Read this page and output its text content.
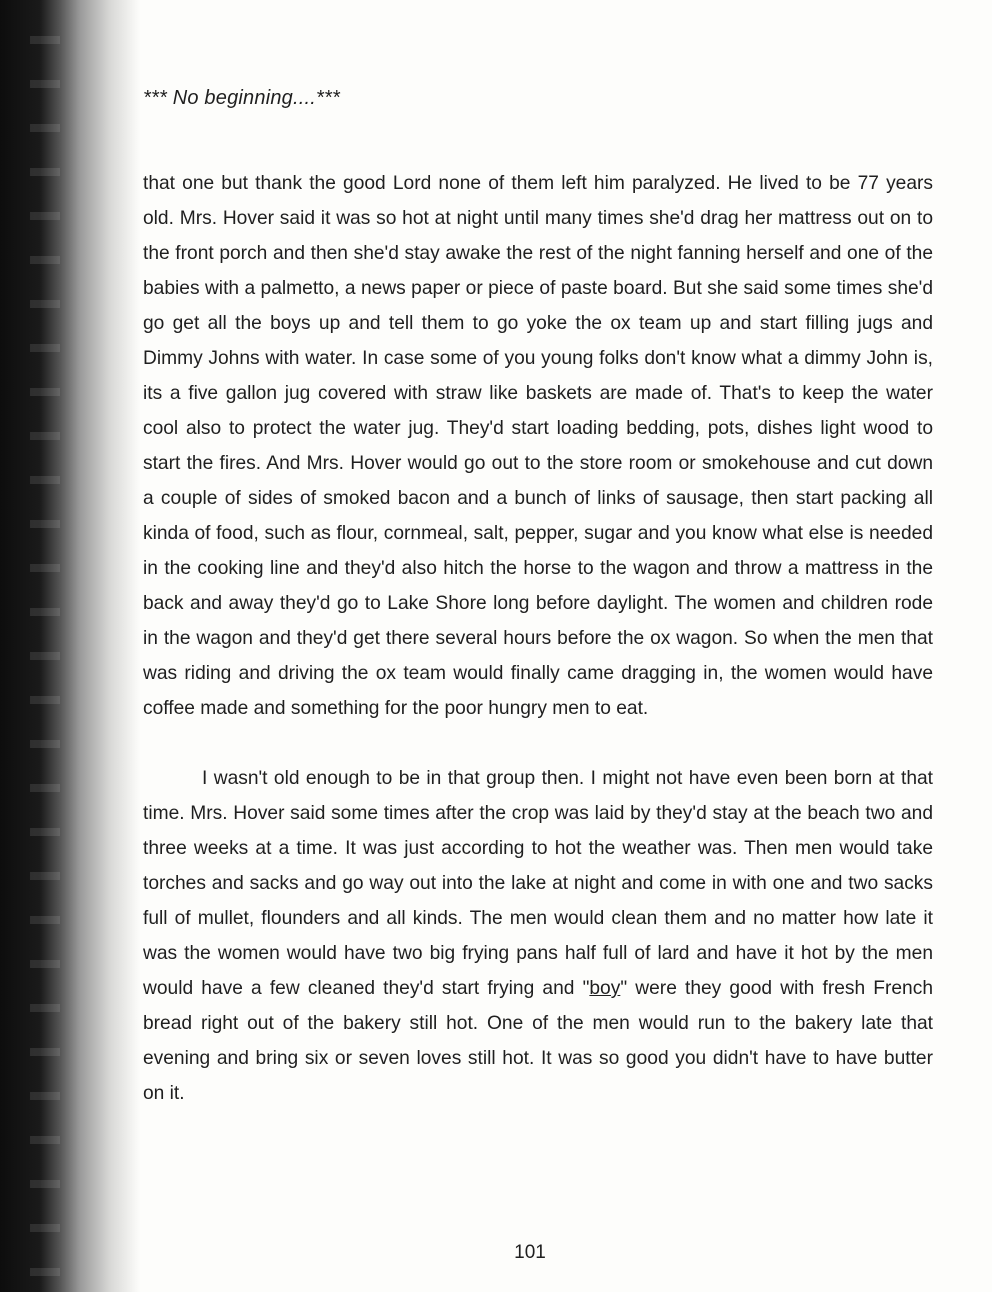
*** No beginning....***

that one but thank the good Lord none of them left him paralyzed. He lived to be 77 years old. Mrs. Hover said it was so hot at night until many times she'd drag her mattress out on to the front porch and then she'd stay awake the rest of the night fanning herself and one of the babies with a palmetto, a news paper or piece of paste board. But she said some times she'd go get all the boys up and tell them to go yoke the ox team up and start filling jugs and Dimmy Johns with water. In case some of you young folks don't know what a dimmy John is, its a five gallon jug covered with straw like baskets are made of. That's to keep the water cool also to protect the water jug. They'd start loading bedding, pots, dishes light wood to start the fires. And Mrs. Hover would go out to the store room or smokehouse and cut down a couple of sides of smoked bacon and a bunch of links of sausage, then start packing all kinda of food, such as flour, cornmeal, salt, pepper, sugar and you know what else is needed in the cooking line and they'd also hitch the horse to the wagon and throw a mattress in the back and away they'd go to Lake Shore long before daylight. The women and children rode in the wagon and they'd get there several hours before the ox wagon. So when the men that was riding and driving the ox team would finally came dragging in, the women would have coffee made and something for the poor hungry men to eat.

I wasn't old enough to be in that group then. I might not have even been born at that time. Mrs. Hover said some times after the crop was laid by they'd stay at the beach two and three weeks at a time. It was just according to hot the weather was. Then men would take torches and sacks and go way out into the lake at night and come in with one and two sacks full of mullet, flounders and all kinds. The men would clean them and no matter how late it was the women would have two big frying pans half full of lard and have it hot by the men would have a few cleaned they'd start frying and "boy" were they good with fresh French bread right out of the bakery still hot. One of the men would run to the bakery late that evening and bring six or seven loves still hot. It was so good you didn't have to have butter on it.

101
